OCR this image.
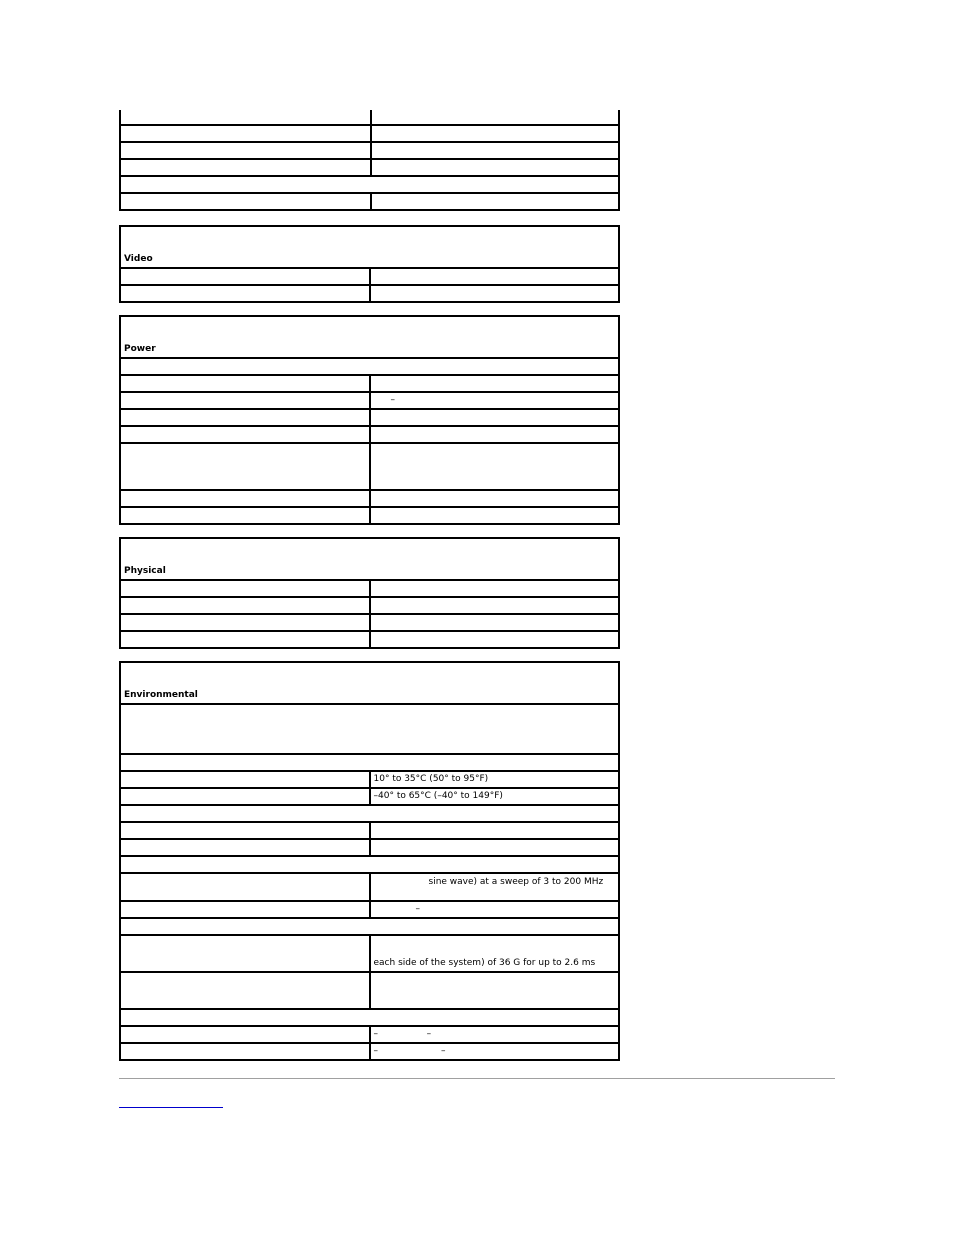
Video	

Power	

	–

Physical	

Environmental	

	10° to 35°C (50° to 95°F)
	–40° to 65°C (–40° to 149°F)

	sine wave) at a sweep of 3 to 200 MHz
	–

	each side of the system) of 36 G for up to 2.6 ms

	–                 –
	–                      –
